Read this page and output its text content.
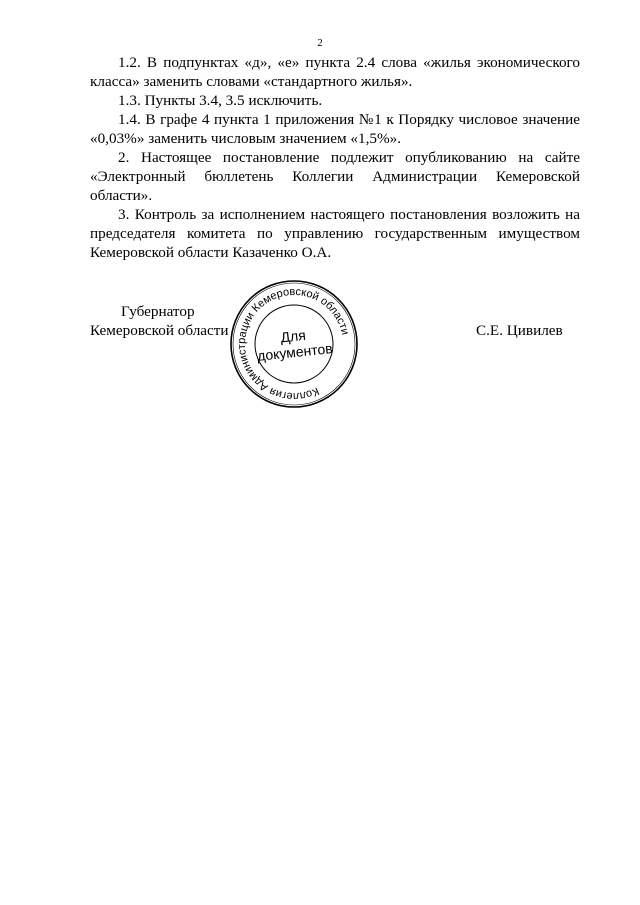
2

1.2. В подпунктах «д», «е» пункта 2.4 слова «жилья экономического класса» заменить словами «стандартного жилья».

1.3. Пункты 3.4, 3.5 исключить.

1.4. В графе 4 пункта 1 приложения №1 к Порядку числовое значение «0,03%» заменить числовым значением «1,5%».

2. Настоящее постановление подлежит опубликованию на сайте «Электронный бюллетень Коллегии Администрации Кемеровской области».

3. Контроль за исполнением настоящего постановления возложить на председателя комитета по управлению государственным имуществом Кемеровской области Казаченко О.А.

Губернатор
Кемеровской области	С.Е. Цивилев
Коллегия Администрации Кемеровской области
Для
документов
